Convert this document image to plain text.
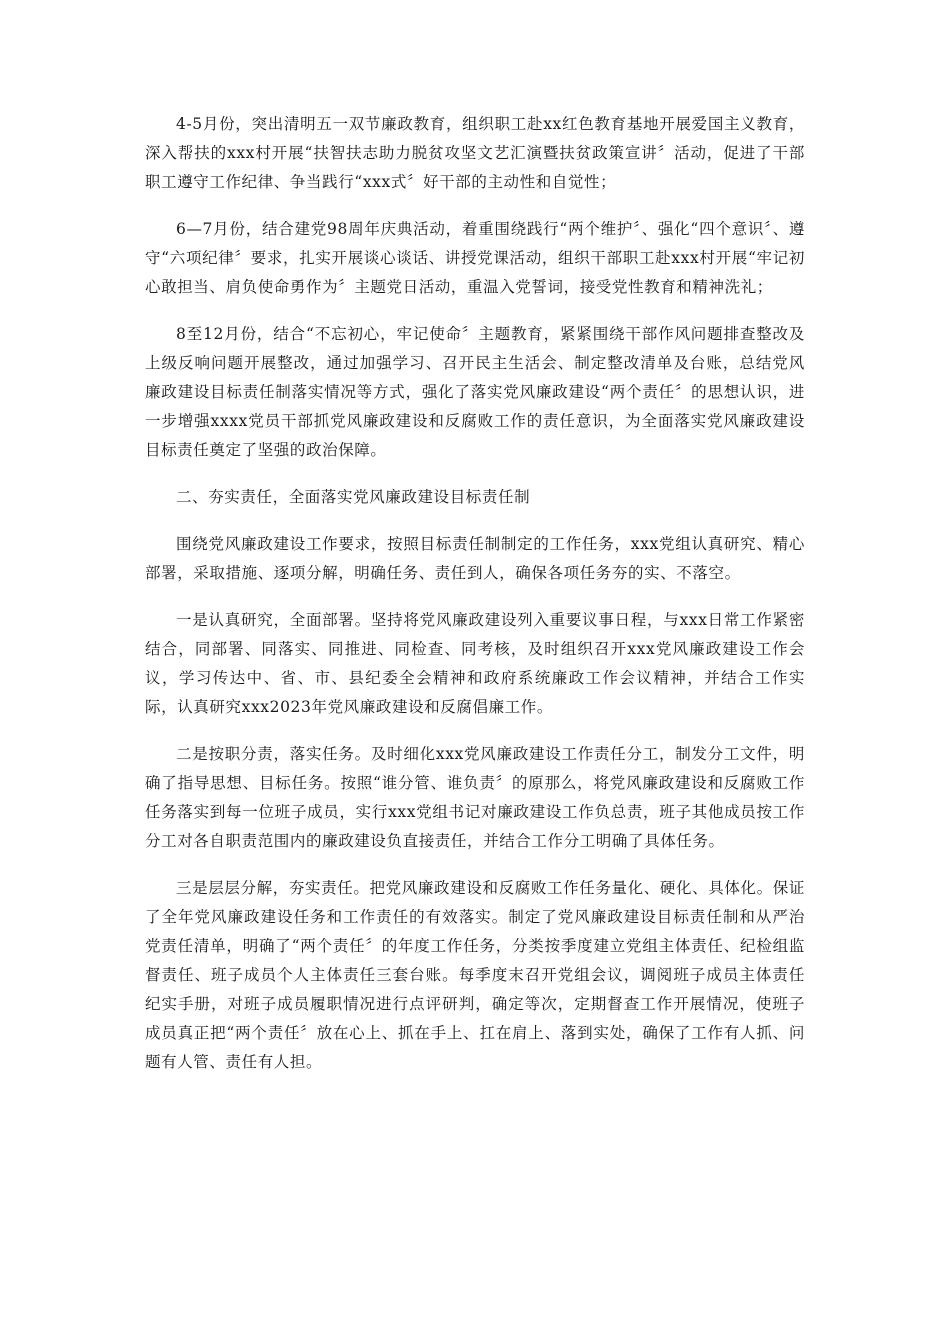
4-5月份，突出清明五一双节廉政教育，组织职工赴xx红色教育基地开展爱国主义教育，深入帮扶的xxx村开展“扶智扶志助力脱贫攻坚文艺汇演暨扶贫政策宣讲〞活动，促进了干部职工遵守工作纪律、争当践行“xxx式〞好干部的主动性和自觉性；

6—7月份，结合建党98周年庆典活动，着重围绕践行“两个维护〞、强化“四个意识〞、遵守“六项纪律〞要求，扎实开展谈心谈话、讲授党课活动，组织干部职工赴xxx村开展“牢记初心敢担当、肩负使命勇作为〞主题党日活动，重温入党誓词，接受党性教育和精神洗礼；

8至12月份，结合“不忘初心，牢记使命〞主题教育，紧紧围绕干部作风问题排查整改及上级反响问题开展整改，通过加强学习、召开民主生活会、制定整改清单及台账，总结党风廉政建设目标责任制落实情况等方式，强化了落实党风廉政建设“两个责任〞的思想认识，进一步增强xxxx党员干部抓党风廉政建设和反腐败工作的责任意识，为全面落实党风廉政建设目标责任奠定了坚强的政治保障。

二、夯实责任，全面落实党风廉政建设目标责任制

围绕党风廉政建设工作要求，按照目标责任制制定的工作任务，xxx党组认真研究、精心部署，采取措施、逐项分解，明确任务、责任到人，确保各项任务夯的实、不落空。

一是认真研究，全面部署。坚持将党风廉政建设列入重要议事日程，与xxx日常工作紧密结合，同部署、同落实、同推进、同检查、同考核，及时组织召开xxx党风廉政建设工作会议，学习传达中、省、市、县纪委全会精神和政府系统廉政工作会议精神，并结合工作实际，认真研究xxx2023年党风廉政建设和反腐倡廉工作。

二是按职分责，落实任务。及时细化xxx党风廉政建设工作责任分工，制发分工文件，明确了指导思想、目标任务。按照“谁分管、谁负责〞的原那么，将党风廉政建设和反腐败工作任务落实到每一位班子成员，实行xxx党组书记对廉政建设工作负总责，班子其他成员按工作分工对各自职责范围内的廉政建设负直接责任，并结合工作分工明确了具体任务。

三是层层分解，夯实责任。把党风廉政建设和反腐败工作任务量化、硬化、具体化。保证了全年党风廉政建设任务和工作责任的有效落实。制定了党风廉政建设目标责任制和从严治党责任清单，明确了“两个责任〞的年度工作任务，分类按季度建立党组主体责任、纪检组监督责任、班子成员个人主体责任三套台账。每季度末召开党组会议，调阅班子成员主体责任纪实手册，对班子成员履职情况进行点评研判，确定等次，定期督查工作开展情况，使班子成员真正把“两个责任〞放在心上、抓在手上、扛在肩上、落到实处，确保了工作有人抓、问题有人管、责任有人担。
